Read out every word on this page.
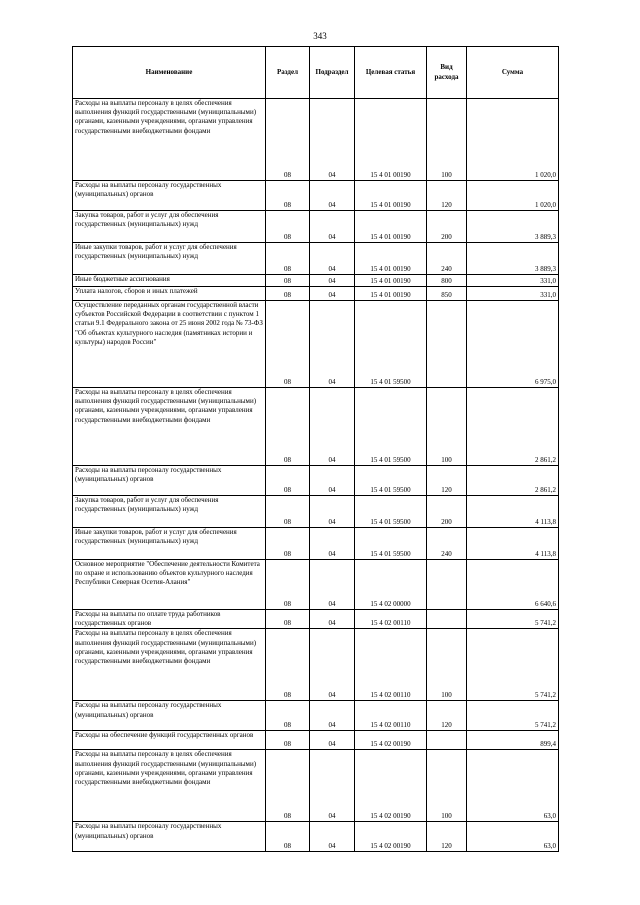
343
Наименование	Раздел	Подраздел	Целевая статья	Вид расхода	Сумма
Расходы на выплаты персоналу в целях обеспечения выполнения функций государственными (муниципальными) органами, казенными учреждениями, органами управления государственными внебюджетными фондами	08	04	15 4 01 00190	100	1 020,0
Расходы на выплаты персоналу государственных (муниципальных) органов	08	04	15 4 01 00190	120	1 020,0
Закупка товаров, работ и услуг для обеспечения государственных (муниципальных) нужд	08	04	15 4 01 00190	200	3 889,3
Иные закупки товаров, работ и услуг для обеспечения государственных (муниципальных) нужд	08	04	15 4 01 00190	240	3 889,3
Иные бюджетные ассигнования	08	04	15 4 01 00190	800	331,0
Уплата налогов, сборов и иных платежей	08	04	15 4 01 00190	850	331,0
Осуществление переданных органам государственной власти субъектов Российской Федерации в соответствии с пунктом 1 статьи 9.1 Федерального закона от 25 июня 2002 года № 73-ФЗ "Об объектах культурного наследия (памятниках истории и культуры) народов России"	08	04	15 4 01 59500		6 975,0
Расходы на выплаты персоналу в целях обеспечения выполнения функций государственными (муниципальными) органами, казенными учреждениями, органами управления государственными внебюджетными фондами	08	04	15 4 01 59500	100	2 861,2
Расходы на выплаты персоналу государственных (муниципальных) органов	08	04	15 4 01 59500	120	2 861,2
Закупка товаров, работ и услуг для обеспечения государственных (муниципальных) нужд	08	04	15 4 01 59500	200	4 113,8
Иные закупки товаров, работ и услуг для обеспечения государственных (муниципальных) нужд	08	04	15 4 01 59500	240	4 113,8
Основное мероприятие "Обеспечение деятельности Комитета по охране и использованию объектов культурного наследия Республики Северная Осетия-Алания"	08	04	15 4 02 00000		6 640,6
Расходы на выплаты по оплате труда работников государственных органов	08	04	15 4 02 00110		5 741,2
Расходы на выплаты персоналу в целях обеспечения выполнения функций государственными (муниципальными) органами, казенными учреждениями, органами управления государственными внебюджетными фондами	08	04	15 4 02 00110	100	5 741,2
Расходы на выплаты персоналу государственных (муниципальных) органов	08	04	15 4 02 00110	120	5 741,2
Расходы на обеспечение функций государственных органов	08	04	15 4 02 00190		899,4
Расходы на выплаты персоналу в целях обеспечения выполнения функций государственными (муниципальными) органами, казенными учреждениями, органами управления государственными внебюджетными фондами	08	04	15 4 02 00190	100	63,0
Расходы на выплаты персоналу государственных (муниципальных) органов	08	04	15 4 02 00190	120	63,0
